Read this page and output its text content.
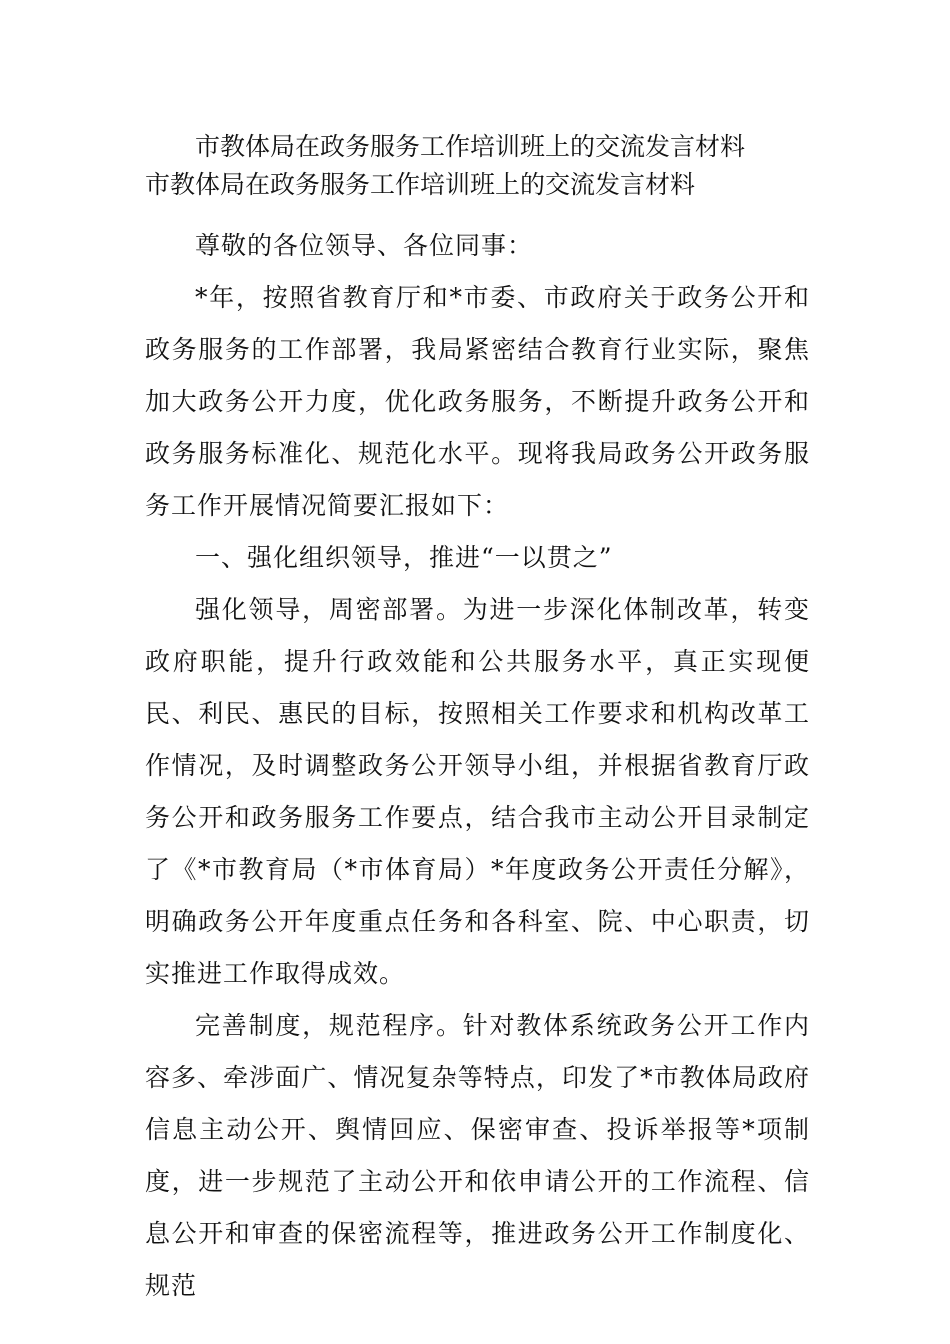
市教体局在政务服务工作培训班上的交流发言材料
市教体局在政务服务工作培训班上的交流发言材料

尊敬的各位领导、各位同事：

*年，按照省教育厅和*市委、市政府关于政务公开和政务服务的工作部署，我局紧密结合教育行业实际，聚焦加大政务公开力度，优化政务服务，不断提升政务公开和政务服务标准化、规范化水平。现将我局政务公开政务服务工作开展情况简要汇报如下：

一、强化组织领导，推进“一以贯之”

强化领导，周密部署。为进一步深化体制改革，转变政府职能，提升行政效能和公共服务水平，真正实现便民、利民、惠民的目标，按照相关工作要求和机构改革工作情况，及时调整政务公开领导小组，并根据省教育厅政务公开和政务服务工作要点，结合我市主动公开目录制定了《*市教育局（*市体育局）*年度政务公开责任分解》，明确政务公开年度重点任务和各科室、院、中心职责，切实推进工作取得成效。

完善制度，规范程序。针对教体系统政务公开工作内容多、牵涉面广、情况复杂等特点，印发了*市教体局政府信息主动公开、舆情回应、保密审查、投诉举报等*项制度，进一步规范了主动公开和依申请公开的工作流程、信息公开和审查的保密流程等，推进政务公开工作制度化、规范
